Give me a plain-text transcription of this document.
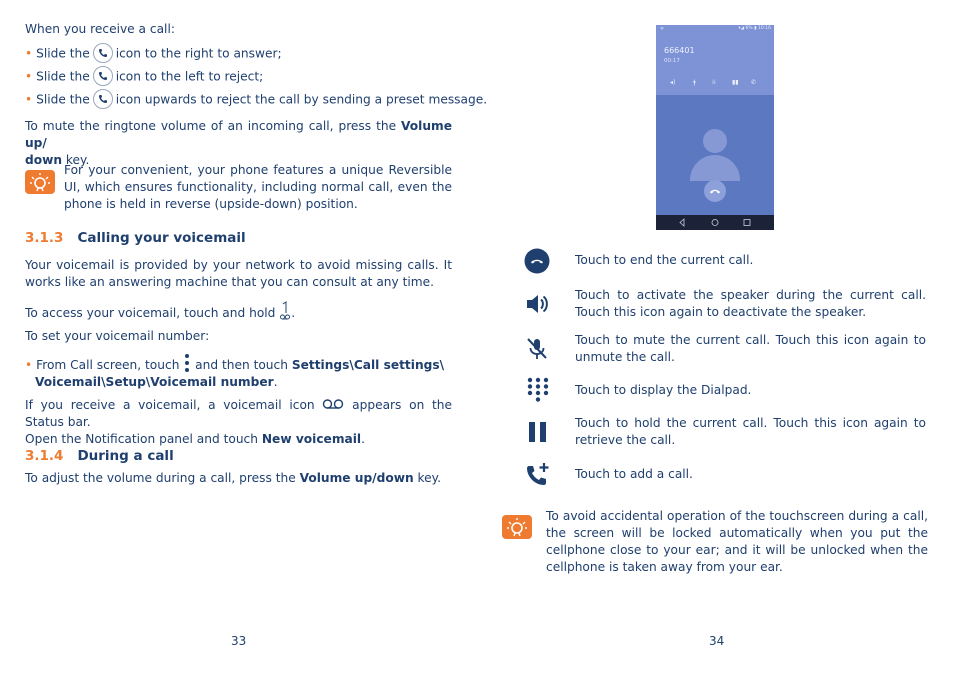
When you receive a call:
• Slide the icon to the right to answer;
• Slide the icon to the left to reject;
• Slide the icon upwards to reject the call by sending a preset message.
To mute the ringtone volume of an incoming call, press the Volume up/
down key.
For your convenient, your phone features a unique Reversible UI, which ensures functionality, including normal call, even the phone is held in reverse (upside-down) position.
3.1.3 Calling your voicemail
Your voicemail is provided by your network to avoid missing calls. It works like an answering machine that you can consult at any time.
To access your voicemail, touch and hold .
To set your voicemail number:
• From Call screen, touch and then touch Settings\Call settings\
Voicemail\Setup\Voicemail number.
If you receive a voicemail, a voicemail icon	appears on the Status bar.
Open the Notification panel and touch New voicemail.
3.1.4 During a call
To adjust the volume during a call, press the Volume up/down key.
33
ᯤ	▾◢ 6% ▮ 10:16
666401
00:17
◂)	ǂ	⁞⁞	▮▮ ✆
Touch to end the current call.
Touch to activate the speaker during the current call. Touch this icon again to deactivate the speaker.
Touch to mute the current call. Touch this icon again to unmute the call.
Touch to display the Dialpad.
Touch to hold the current call. Touch this icon again to retrieve the call.
Touch to add a call.
To avoid accidental operation of the touchscreen during a call, the screen will be locked automatically when you put the cellphone close to your ear; and it will be unlocked when the cellphone is taken away from your ear.
34
